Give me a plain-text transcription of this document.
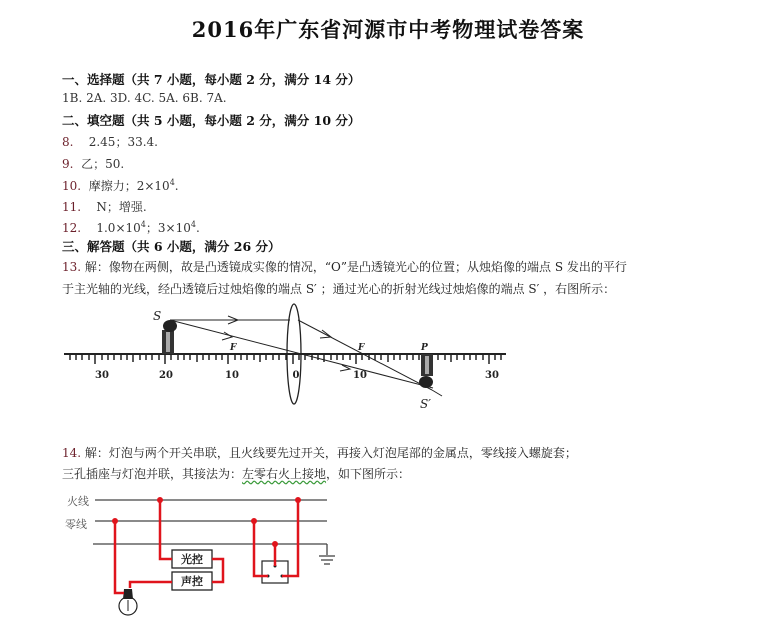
2016年广东省河源市中考物理试卷答案
一、选择题（共 7 小题，每小题 2 分，满分 14 分）
1B. 2A. 3D. 4C. 5A. 6B. 7A.
二、填空题（共 5 小题，每小题 2 分，满分 10 分）
8. 2.45；33.4.
9. 乙；50.
10. 摩擦力；$2\times 10^4$.
11. N；增强.
12. $1.0\times 10^4$；$3\times 10^4$.
三、解答题（共 6 小题，满分 26 分）
13. 解：像物在两侧，故是凸透镜成实像的情况，“O”是凸透镜光心的位置；从烛焰像的端点 S 发出的平行
于主光轴的光线，经凸透镜后过烛焰像的端点 S′ ；通过光心的折射光线过烛焰像的端点 S′ ，右图所示：
30	20	10	0	10	30
S
F	F	P
S′
14. 解：灯泡与两个开关串联，且火线要先过开关，再接入灯泡尾部的金属点，零线接入螺旋套；
三孔插座与灯泡并联，其接法为：左零右火上接地，如下图所示：
火线
零线
光控
声控
